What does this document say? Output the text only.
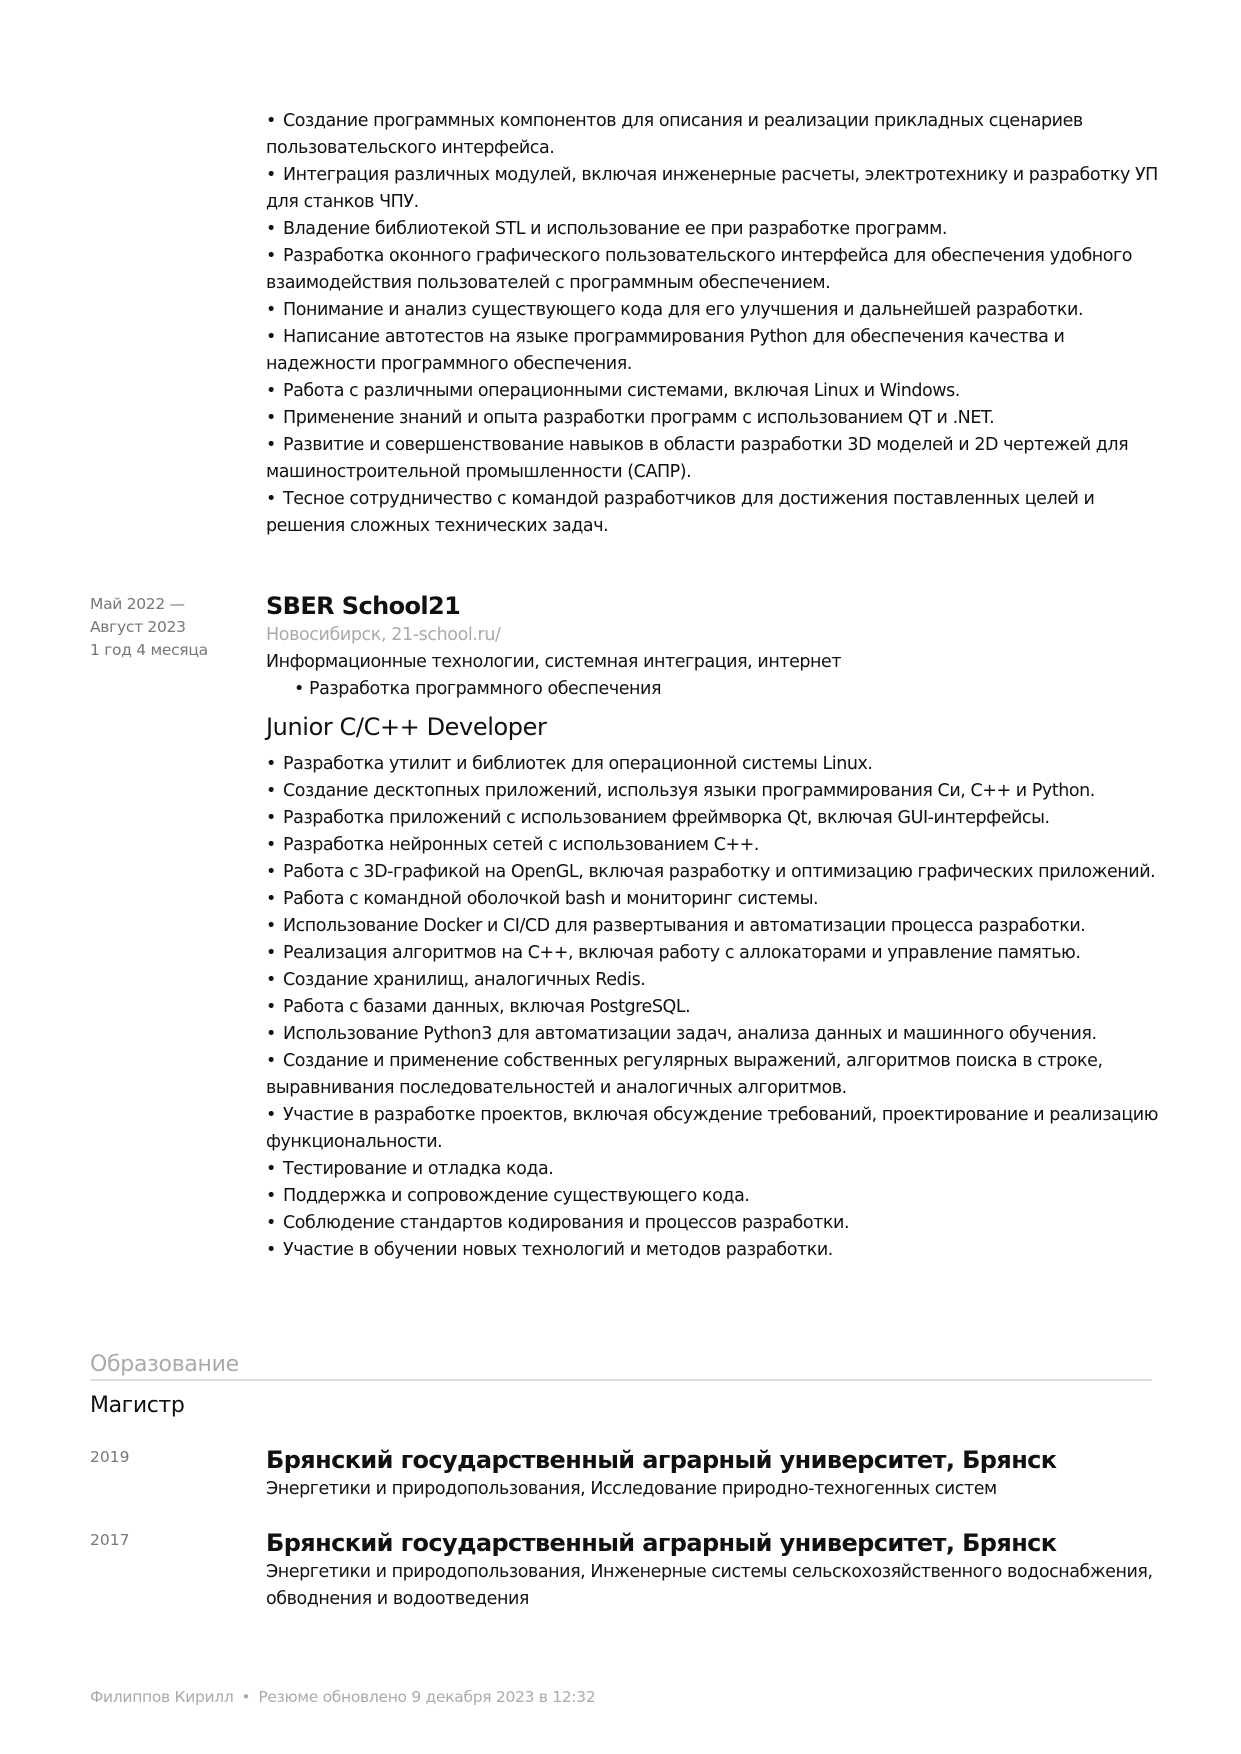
• Создание программных компонентов для описания и реализации прикладных сценариев пользовательского интерфейса.

• Интеграция различных модулей, включая инженерные расчеты, электротехнику и разработку УП для станков ЧПУ.

• Владение библиотекой STL и использование ее при разработке программ.

• Разработка оконного графического пользовательского интерфейса для обеспечения удобного взаимодействия пользователей с программным обеспечением.

• Понимание и анализ существующего кода для его улучшения и дальнейшей разработки.

• Написание автотестов на языке программирования Python для обеспечения качества и надежности программного обеспечения.

• Работа с различными операционными системами, включая Linux и Windows.

• Применение знаний и опыта разработки программ с использованием QT и .NET.

• Развитие и совершенствование навыков в области разработки 3D моделей и 2D чертежей для машиностроительной промышленности (САПР).

• Тесное сотрудничество с командой разработчиков для достижения поставленных целей и решения сложных технических задач.

Май 2022 —
Август 2023
1 год 4 месяца
SBER School21
Новосибирск, 21-school.ru/
Информационные технологии, системная интеграция, интернет
• Разработка программного обеспечения
Junior C/C++ Developer

• Разработка утилит и библиотек для операционной системы Linux.

• Создание десктопных приложений, используя языки программирования Си, C++ и Python.

• Разработка приложений с использованием фреймворка Qt, включая GUI-интерфейсы.

• Разработка нейронных сетей с использованием C++.

• Работа с 3D-графикой на OpenGL, включая разработку и оптимизацию графических приложений.

• Работа с командной оболочкой bash и мониторинг системы.

• Использование Docker и CI/CD для развертывания и автоматизации процесса разработки.

• Реализация алгоритмов на C++, включая работу с аллокаторами и управление памятью.

• Создание хранилищ, аналогичных Redis.

• Работа с базами данных, включая PostgreSQL.

• Использование Python3 для автоматизации задач, анализа данных и машинного обучения.

• Создание и применение собственных регулярных выражений, алгоритмов поиска в строке, выравнивания последовательностей и аналогичных алгоритмов.

• Участие в разработке проектов, включая обсуждение требований, проектирование и реализацию функциональности.

• Тестирование и отладка кода.

• Поддержка и сопровождение существующего кода.

• Соблюдение стандартов кодирования и процессов разработки.

• Участие в обучении новых технологий и методов разработки.

Образование
Магистр
2019	Брянский государственный аграрный университет, Брянск
Энергетики и природопользования, Исследование природно-техногенных систем
2017	Брянский государственный аграрный университет, Брянск
Энергетики и природопользования, Инженерные системы сельскохозяйственного водоснабжения, обводнения и водоотведения
Филиппов Кирилл • Резюме обновлено 9 декабря 2023 в 12:32
